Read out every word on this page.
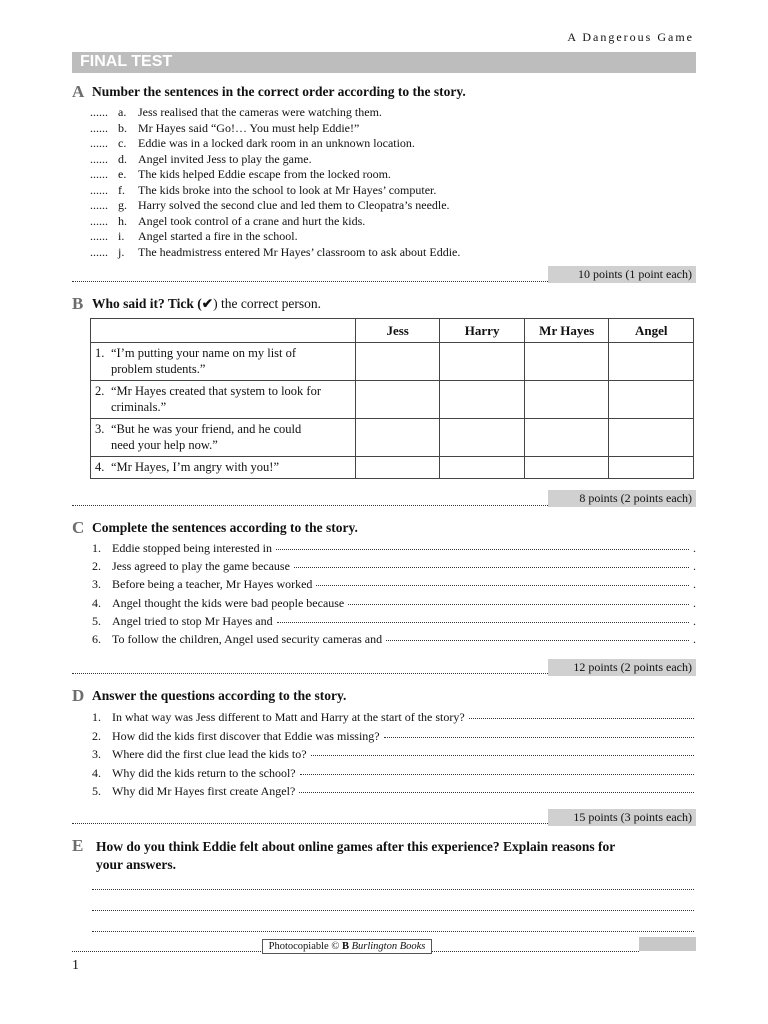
A Dangerous Game
FINAL TEST
A Number the sentences in the correct order according to the story.
...... a. Jess realised that the cameras were watching them.
...... b. Mr Hayes said “Go!… You must help Eddie!”
...... c. Eddie was in a locked dark room in an unknown location.
...... d. Angel invited Jess to play the game.
...... e. The kids helped Eddie escape from the locked room.
...... f. The kids broke into the school to look at Mr Hayes’ computer.
...... g. Harry solved the second clue and led them to Cleopatra’s needle.
...... h. Angel took control of a crane and hurt the kids.
...... i. Angel started a fire in the school.
...... j. The headmistress entered Mr Hayes’ classroom to ask about Eddie.
10 points (1 point each)
B Who said it? Tick (✔) the correct person.
	Jess	Harry	Mr Hayes	Angel
1. “I’m putting your name on my list of
problem students.”				

2. “Mr Hayes created that system to look for
criminals.”				

3. “But he was your friend, and he could
need your help now.”				

4. “Mr Hayes, I’m angry with you!”				
8 points (2 points each)
C Complete the sentences according to the story.
1. Eddie stopped being interested in	.
2. Jess agreed to play the game because	.
3. Before being a teacher, Mr Hayes worked	.
4. Angel thought the kids were bad people because	.
5. Angel tried to stop Mr Hayes and	.
6. To follow the children, Angel used security cameras and	.
12 points (2 points each)
D Answer the questions according to the story.
1. In what way was Jess different to Matt and Harry at the start of the story?
2. How did the kids first discover that Eddie was missing?
3. Where did the first clue lead the kids to?
4. Why did the kids return to the school?
5. Why did Mr Hayes first create Angel?
15 points (3 points each)
E How do you think Eddie felt about online games after this experience? Explain reasons for
your answers.
Photocopiable © B Burlington Books
1
